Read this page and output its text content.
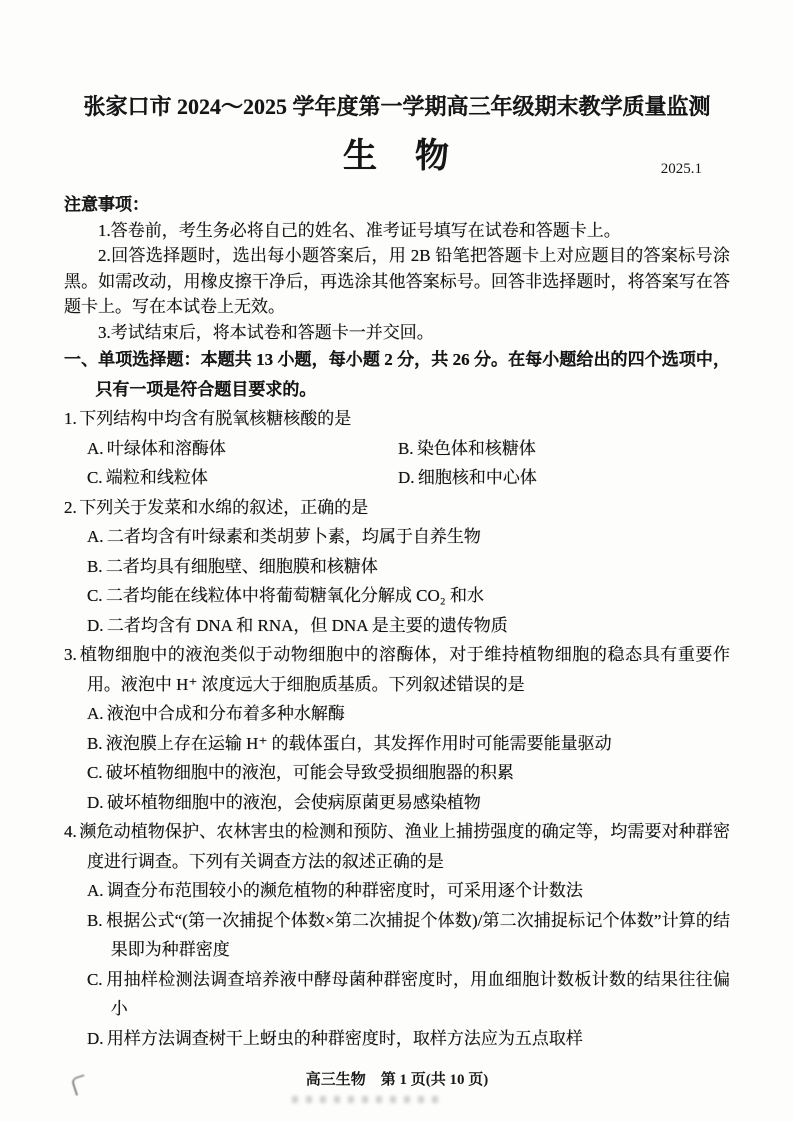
张家口市 2024～2025 学年度第一学期高三年级期末教学质量监测
生　物	2025.1

注意事项：

1.答卷前，考生务必将自己的姓名、准考证号填写在试卷和答题卡上。

2.回答选择题时，选出每小题答案后，用 2B 铅笔把答题卡上对应题目的答案标号涂黑。如需改动，用橡皮擦干净后，再选涂其他答案标号。回答非选择题时，将答案写在答题卡上。写在本试卷上无效。

3.考试结束后，将本试卷和答题卡一并交回。

一、单项选择题：本题共 13 小题，每小题 2 分，共 26 分。在每小题给出的四个选项中，只有一项是符合题目要求的。

1. 下列结构中均含有脱氧核糖核酸的是

A. 叶绿体和溶酶体	B. 染色体和核糖体

C. 端粒和线粒体	D. 细胞核和中心体

2. 下列关于发菜和水绵的叙述，正确的是

A. 二者均含有叶绿素和类胡萝卜素，均属于自养生物

B. 二者均具有细胞壁、细胞膜和核糖体

C. 二者均能在线粒体中将葡萄糖氧化分解成 CO₂ 和水

D. 二者均含有 DNA 和 RNA，但 DNA 是主要的遗传物质

3. 植物细胞中的液泡类似于动物细胞中的溶酶体，对于维持植物细胞的稳态具有重要作用。液泡中 H⁺ 浓度远大于细胞质基质。下列叙述错误的是

A. 液泡中合成和分布着多种水解酶

B. 液泡膜上存在运输 H⁺ 的载体蛋白，其发挥作用时可能需要能量驱动

C. 破坏植物细胞中的液泡，可能会导致受损细胞器的积累

D. 破坏植物细胞中的液泡，会使病原菌更易感染植物

4. 濒危动植物保护、农林害虫的检测和预防、渔业上捕捞强度的确定等，均需要对种群密度进行调查。下列有关调查方法的叙述正确的是

A. 调查分布范围较小的濒危植物的种群密度时，可采用逐个计数法

B. 根据公式“(第一次捕捉个体数×第二次捕捉个体数)/第二次捕捉标记个体数”计算的结果即为种群密度

C. 用抽样检测法调查培养液中酵母菌种群密度时，用血细胞计数板计数的结果往往偏小

D. 用样方法调查树干上蚜虫的种群密度时，取样方法应为五点取样

高三生物　第 1 页(共 10 页)
